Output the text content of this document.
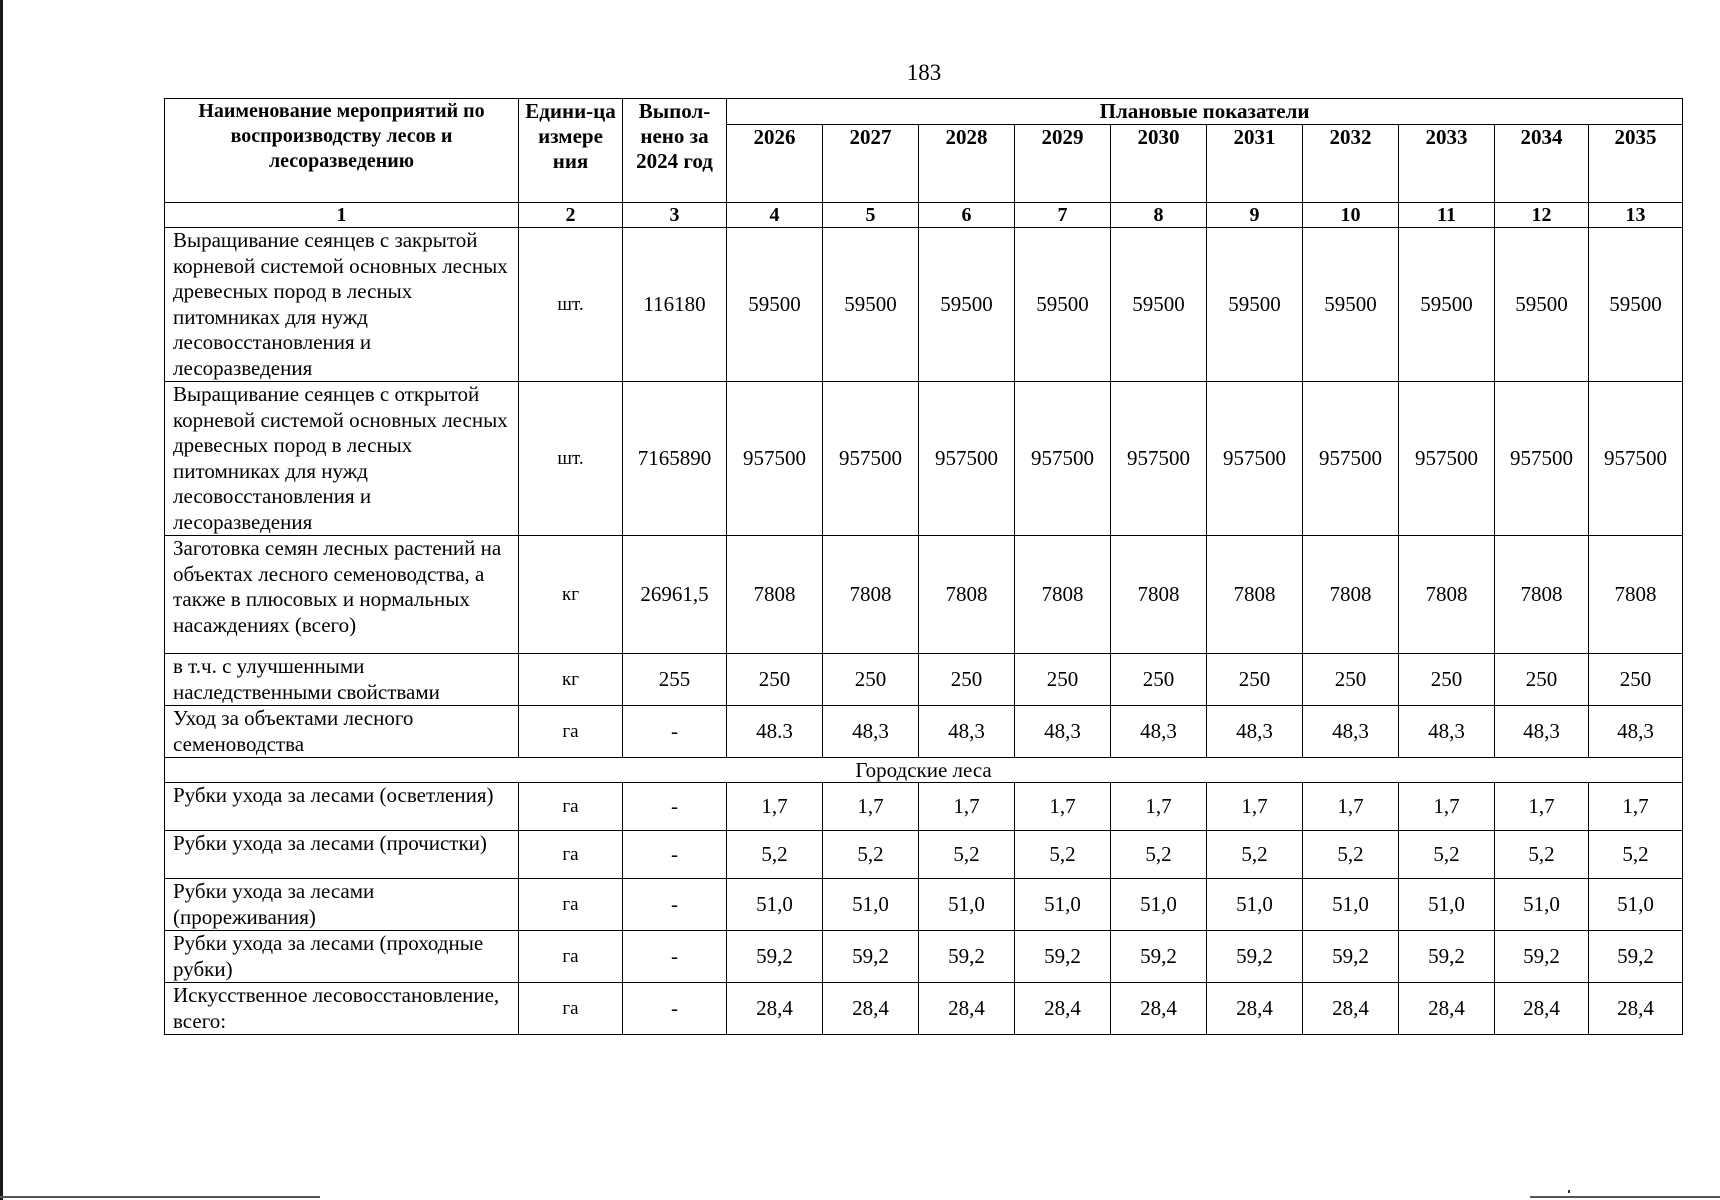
183
Наименование мероприятий по воспроизводству лесов и лесоразведению	Едини-ца измере ния	Выпол-нено за 2024 год	Плановые показатели									
			2026	2027	2028	2029	2030	2031	2032	2033	2034	2035
1	2	3	4	5	6	7	8	9	10	11	12	13
Выращивание сеянцев с закрытой корневой системой основных лесных древесных пород в лесных питомниках для нужд лесовосстановления и лесоразведения	шт.	116180	59500	59500	59500	59500	59500	59500	59500	59500	59500	59500
Выращивание сеянцев с открытой корневой системой основных лесных древесных пород в лесных питомниках для нужд лесовосстановления и лесоразведения	шт.	7165890	957500	957500	957500	957500	957500	957500	957500	957500	957500	957500
Заготовка семян лесных растений на объектах лесного семеноводства, а также в плюсовых и нормальных насаждениях (всего)	кг	26961,5	7808	7808	7808	7808	7808	7808	7808	7808	7808	7808
в т.ч. с улучшенными наследственными свойствами	кг	255	250	250	250	250	250	250	250	250	250	250
Уход за объектами лесного семеноводства	га	-	48.3	48,3	48,3	48,3	48,3	48,3	48,3	48,3	48,3	48,3
Городские леса												
Рубки ухода за лесами (осветления)	га	-	1,7	1,7	1,7	1,7	1,7	1,7	1,7	1,7	1,7	1,7
Рубки ухода за лесами (прочистки)	га	-	5,2	5,2	5,2	5,2	5,2	5,2	5,2	5,2	5,2	5,2
Рубки ухода за лесами (прореживания)	га	-	51,0	51,0	51,0	51,0	51,0	51,0	51,0	51,0	51,0	51,0
Рубки ухода за лесами (проходные рубки)	га	-	59,2	59,2	59,2	59,2	59,2	59,2	59,2	59,2	59,2	59,2
Искусственное лесовосстановление, всего:	га	-	28,4	28,4	28,4	28,4	28,4	28,4	28,4	28,4	28,4	28,4
